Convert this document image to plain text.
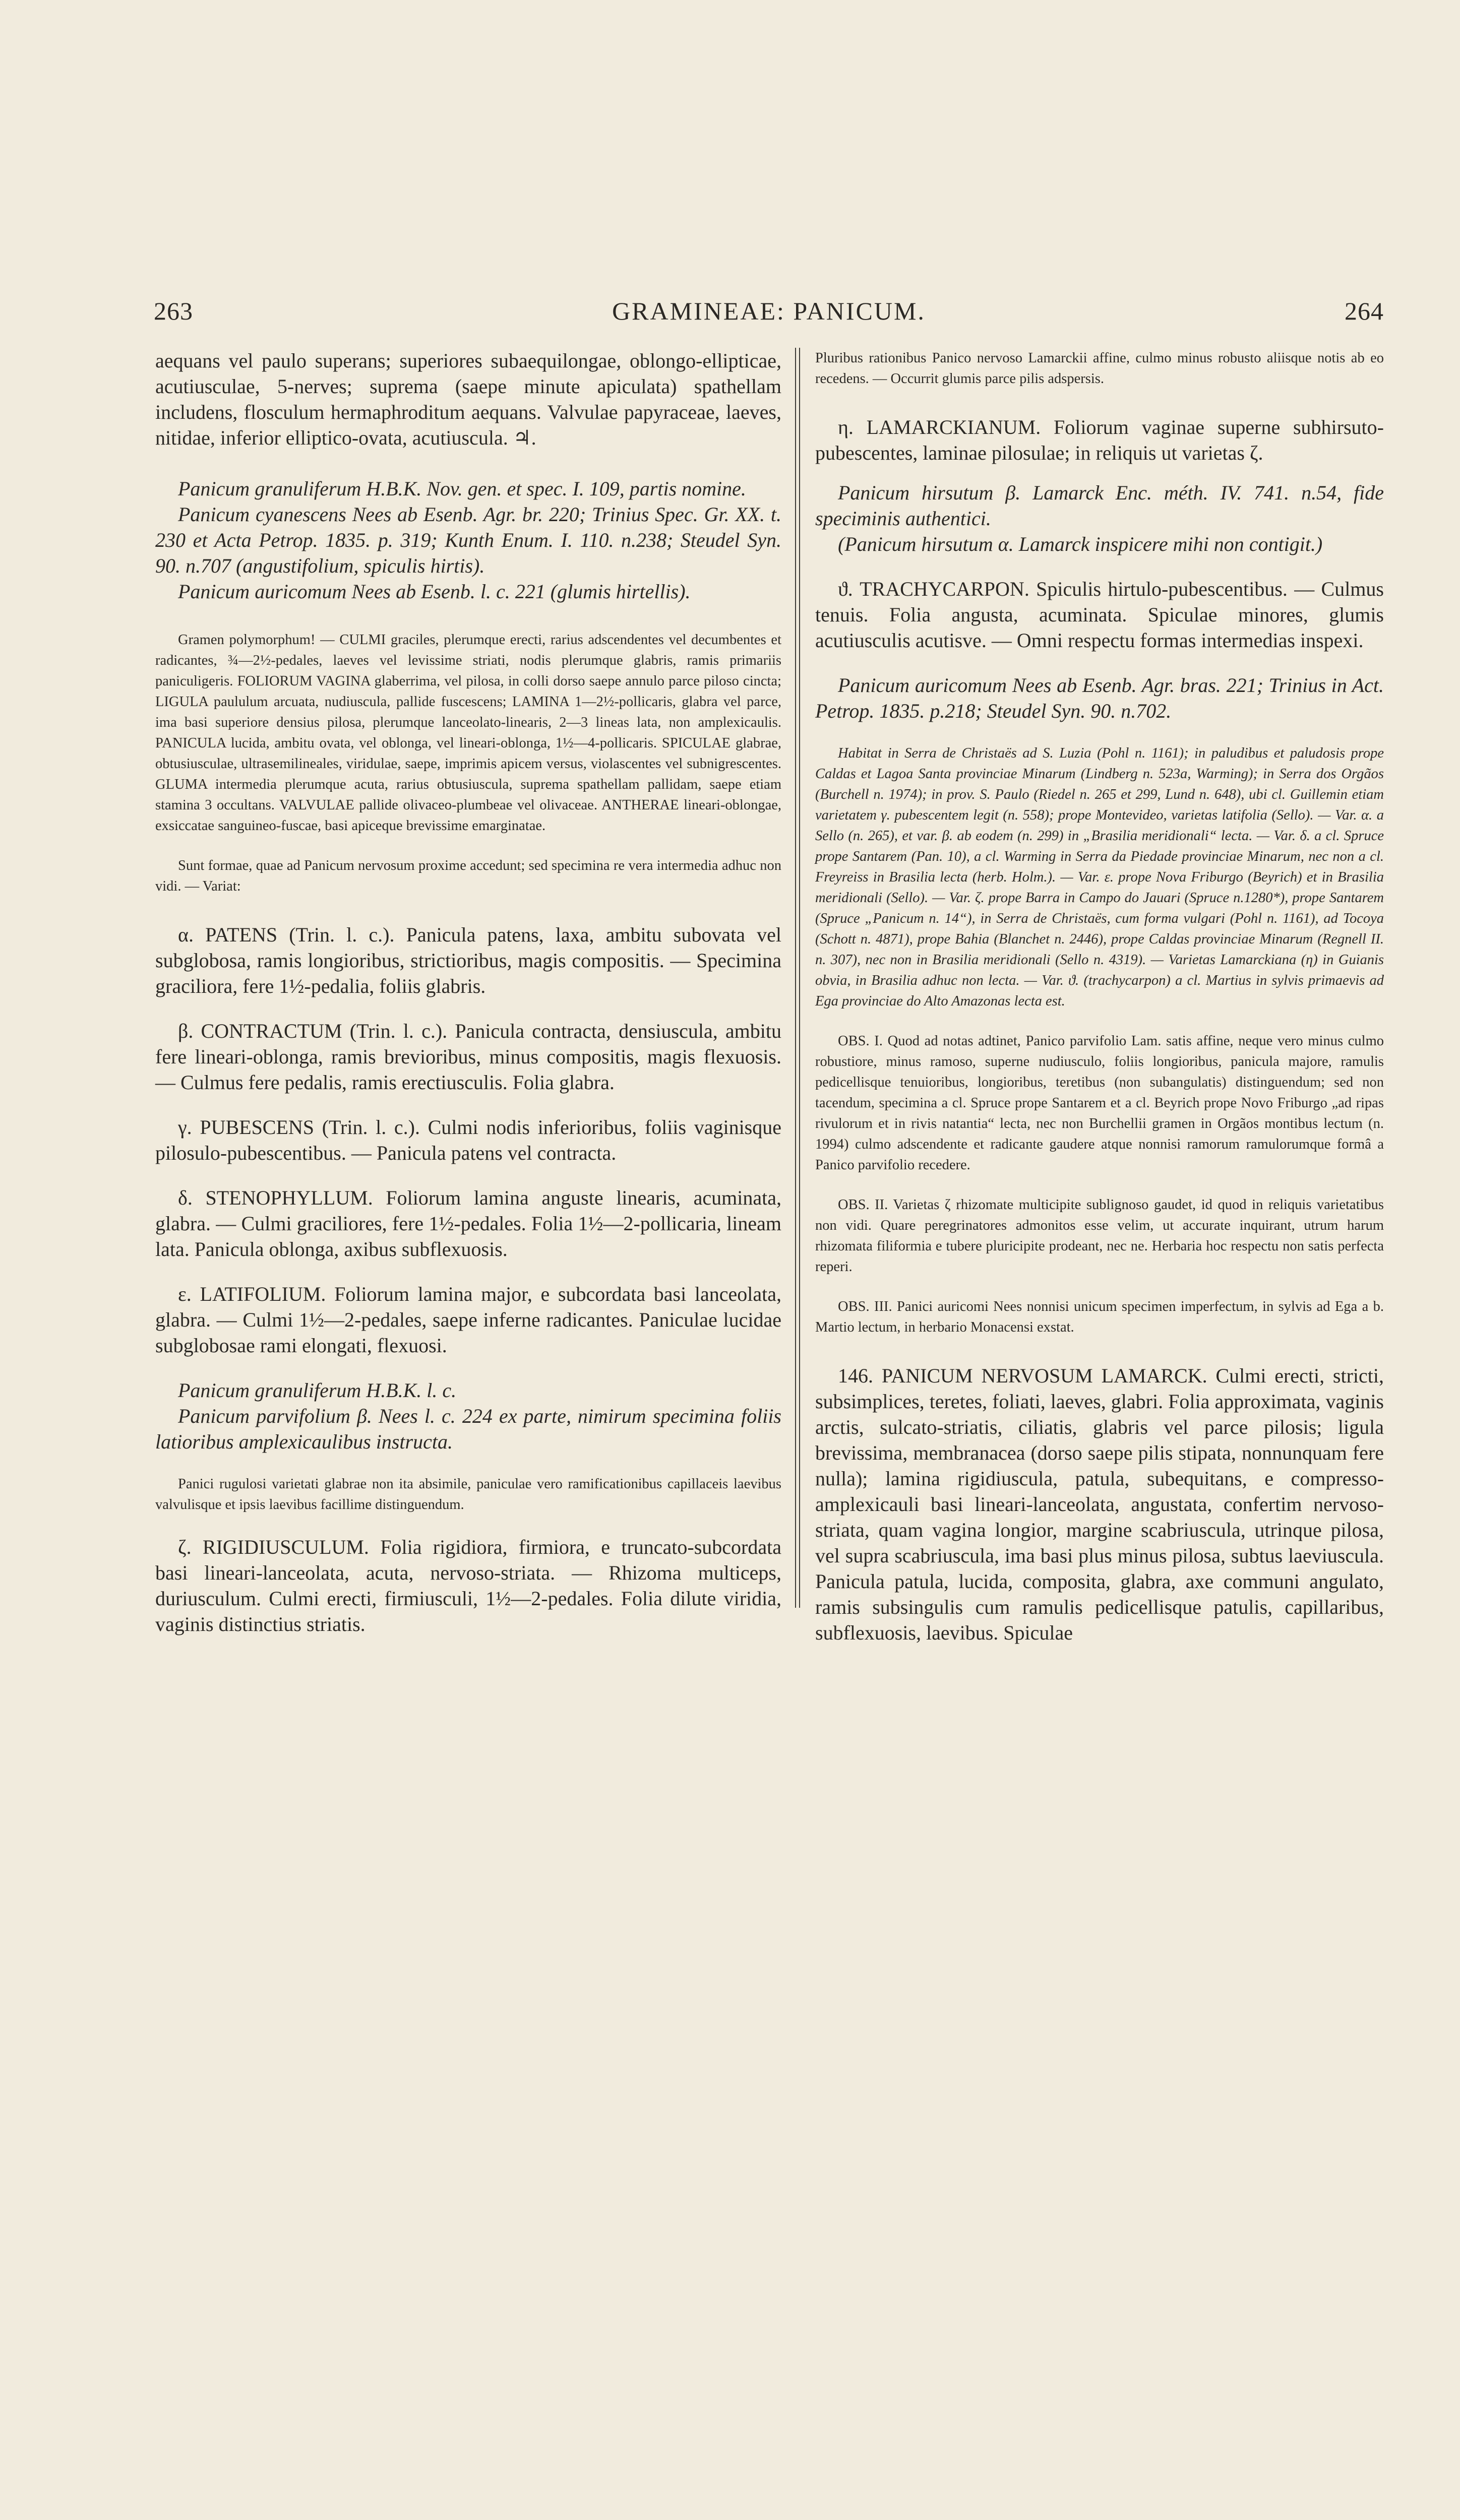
263	GRAMINEAE: PANICUM.	264

aequans vel paulo superans; superiores subaequilongae, oblongo-elliptiсae, acutiusculae, 5-nerves; suprema (saepe minute apiculata) spathellam includens, flosculum hermaphroditum aequans. Valvulae papyraceae, laeves, nitidae, inferior elliptico-ovata, acutiuscula. ♃.

Panicum granuliferum H.B.K. Nov. gen. et spec. I. 109, partis nomine.

Panicum cyanescens Nees ab Esenb. Agr. br. 220; Trinius Spec. Gr. XX. t. 230 et Acta Petrop. 1835. p. 319; Kunth Enum. I. 110. n.238; Steudel Syn. 90. n.707 (angustifolium, spiculis hirtis).

Panicum auricomum Nees ab Esenb. l. c. 221 (glumis hirtellis).

Gramen polymorphum! — CULMI graciles, plerumque erecti, rarius adscendentes vel decumbentes et radicantes, ¾—2½-pedales, laeves vel levissime striati, nodis plerumque glabris, ramis primariis paniculigeris. FOLIORUM VAGINA glaberrima, vel pilosa, in colli dorso saepe annulo parce piloso cincta; LIGULA paululum arcuata, nudiuscula, pallide fuscescens; LAMINA 1—2½-pollicaris, glabra vel parce, ima basi superiore densius pilosa, plerumque lanceolato-linearis, 2—3 lineas lata, non amplexicaulis. PANICULA lucida, ambitu ovata, vel oblonga, vel lineari-oblonga, 1½—4-pollicaris. SPICULAE glabrae, obtusiusculae, ultrasemilineales, viridulae, saepe, imprimis apicem versus, violascentes vel subnigrescentes. GLUMA intermedia plerumque acuta, rarius obtusiuscula, suprema spathellam pallidam, saepe etiam stamina 3 occultans. VALVULAE pallide olivaceo-plumbeae vel olivaceae. ANTHERAE lineari-oblongae, exsiccatae sanguineo-fuscae, basi apiceque brevissime emarginatae.

Sunt formae, quae ad Panicum nervosum proxime accedunt; sed specimina re vera intermedia adhuc non vidi. — Variat:

α. PATENS (Trin. l. c.). Panicula patens, laxa, ambitu subovata vel subglobosa, ramis longioribus, strictioribus, magis compositis. — Specimina graciliora, fere 1½-pedalia, foliis glabris.

β. CONTRACTUM (Trin. l. c.). Panicula contracta, densiuscula, ambitu fere lineari-oblonga, ramis brevioribus, minus compositis, magis flexuosis. — Culmus fere pedalis, ramis erectiusculis. Folia glabra.

γ. PUBESCENS (Trin. l. c.). Culmi nodis inferioribus, foliis vaginisque pilosulo-pubescentibus. — Panicula patens vel contracta.

δ. STENOPHYLLUM. Foliorum lamina anguste linearis, acuminata, glabra. — Culmi graciliores, fere 1½-pedales. Folia 1½—2-pollicaria, lineam lata. Panicula oblonga, axibus subflexuosis.

ε. LATIFOLIUM. Foliorum lamina major, e subcordata basi lanceolata, glabra. — Culmi 1½—2-pedales, saepe inferne radicantes. Paniculae lucidae subglobosae rami elongati, flexuosi.

Panicum granuliferum H.B.K. l. c.

Panicum parvifolium β. Nees l. c. 224 ex parte, nimirum specimina foliis latioribus amplexicaulibus instructa.

Panici rugulosi varietati glabrae non ita absimile, paniculae vero ramificationibus capillaceis laevibus valvulisque et ipsis laevibus facillime distinguendum.

ζ. RIGIDIUSCULUM. Folia rigidiora, firmiora, e truncato-subcordata basi lineari-lanceolata, acuta, nervoso-striata. — Rhizoma multiceps, duriusculum. Culmi erecti, firmiusculi, 1½—2-pedales. Folia dilute viridia, vaginis distinctius striatis.

Pluribus rationibus Panico nervoso Lamarckii affine, culmo minus robusto aliisque notis ab eo recedens. — Occurrit glumis parce pilis adspersis.

η. LAMARCKIANUM. Foliorum vaginae superne subhirsuto-pubescentes, laminae pilosulae; in reliquis ut varietas ζ.

Panicum hirsutum β. Lamarck Enc. méth. IV. 741. n.54, fide speciminis authentici.

(Panicum hirsutum α. Lamarck inspicere mihi non contigit.)

ϑ. TRACHYCARPON. Spiculis hirtulo-pubescentibus. — Culmus tenuis. Folia angusta, acuminata. Spiculae minores, glumis acutiusculis acutisve. — Omni respectu formas intermedias inspexi.

Panicum auricomum Nees ab Esenb. Agr. bras. 221; Trinius in Act. Petrop. 1835. p.218; Steudel Syn. 90. n.702.

Habitat in Serra de Christaës ad S. Luzia (Pohl n. 1161); in paludibus et paludosis prope Caldas et Lagoa Santa provinciae Minarum (Lindberg n. 523a, Warming); in Serra dos Orgãos (Burchell n. 1974); in prov. S. Paulo (Riedel n. 265 et 299, Lund n. 648), ubi cl. Guillemin etiam varietatem γ. pubescentem legit (n. 558); prope Montevideo, varietas latifolia (Sello). — Var. α. a Sello (n. 265), et var. β. ab eodem (n. 299) in „Brasilia meridionali“ lecta. — Var. δ. a cl. Spruce prope Santarem (Pan. 10), a cl. Warming in Serra da Piedade provinciae Minarum, nec non a cl. Freyreiss in Brasilia lecta (herb. Holm.). — Var. ε. prope Nova Friburgo (Beyrich) et in Brasilia meridionali (Sello). — Var. ζ. prope Barra in Campo do Jauari (Spruce n.1280*), prope Santarem (Spruce „Panicum n. 14“), in Serra de Christaës, cum forma vulgari (Pohl n. 1161), ad Tocoya (Schott n. 4871), prope Bahia (Blanchet n. 2446), prope Caldas provinciae Minarum (Regnell II. n. 307), nec non in Brasilia meridionali (Sello n. 4319). — Varietas Lamarckiana (η) in Guianis obvia, in Brasilia adhuc non lecta. — Var. ϑ. (trachycarpon) a cl. Martius in sylvis primaevis ad Ega provinciae do Alto Amazonas lecta est.

OBS. I. Quod ad notas adtinet, Panico parvifolio Lam. satis affine, neque vero minus culmo robustiore, minus ramoso, superne nudiusculo, foliis longioribus, panicula majore, ramulis pedicellisque tenuioribus, longioribus, teretibus (non subangulatis) distinguendum; sed non tacendum, specimina a cl. Spruce prope Santarem et a cl. Beyrich prope Novo Friburgo „ad ripas rivulorum et in rivis natantia“ lecta, nec non Burchellii gramen in Orgãos montibus lectum (n. 1994) culmo adscendente et radicante gaudere atque nonnisi ramorum ramulorumque formâ a Panico parvifolio recedere.

OBS. II. Varietas ζ rhizomate multicipite sublignoso gaudet, id quod in reliquis varietatibus non vidi. Quare peregrinatores admonitos esse velim, ut accurate inquirant, utrum harum rhizomata filiformia e tubere pluricipite prodeant, nec ne. Herbaria hoc respectu non satis perfecta reperi.

OBS. III. Panici auricomi Nees nonnisi unicum specimen imperfectum, in sylvis ad Ega a b. Martio lectum, in herbario Monacensi exstat.

146. PANICUM NERVOSUM LAMARCK. Culmi erecti, stricti, subsimplices, teretes, foliati, laeves, glabri. Folia approximata, vaginis arctis, sulcato-striatis, ciliatis, glabris vel parce pilosis; ligula brevissima, membranacea (dorso saepe pilis stipata, nonnunquam fere nulla); lamina rigidiuscula, patula, subequitans, e compresso-amplexicauli basi lineari-lanceolata, angustata, confertim nervoso-striata, quam vagina longior, margine scabriuscula, utrinque pilosa, vel supra scabriuscula, ima basi plus minus pilosa, subtus laeviuscula. Panicula patula, lucida, composita, glabra, axe communi angulato, ramis subsingulis cum ramulis pedicellisque patulis, capillaribus, subflexuosis, laevibus. Spiculae
